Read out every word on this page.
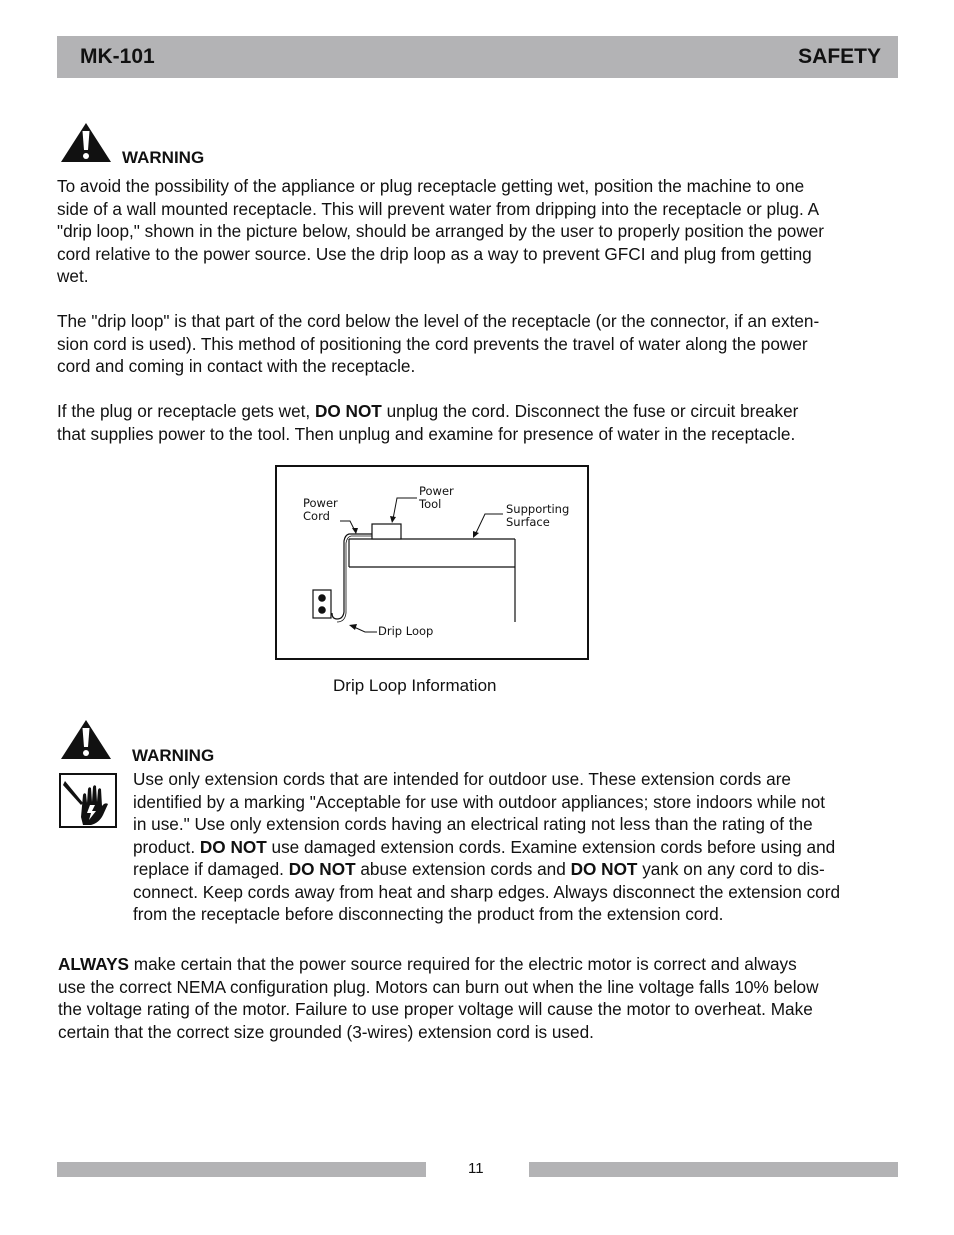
MK-101	SAFETY
WARNING

To avoid the possibility of the appliance or plug receptacle getting wet, position the machine to one
side of a wall mounted receptacle. This will prevent water from dripping into the receptacle or plug. A
"drip loop," shown in the picture below, should be arranged by the user to properly position the power
cord relative to the power source. Use the drip loop as a way to prevent GFCI and plug from getting
wet.

The "drip loop" is that part of the cord below the level of the receptacle (or the connector, if an exten-
sion cord is used). This method of positioning the cord prevents the travel of water along the power
cord and coming in contact with the receptacle.

If the plug or receptacle gets wet, DO NOT unplug the cord. Disconnect the fuse or circuit breaker
that supplies power to the tool. Then unplug and examine for presence of water in the receptacle.

Power
Cord
Power
Tool	Supporting
Surface
Drip Loop
Drip Loop Information
WARNING

Use only extension cords that are intended for outdoor use. These extension cords are
identified by a marking "Acceptable for use with outdoor appliances; store indoors while not
in use." Use only extension cords having an electrical rating not less than the rating of the
product. DO NOT use damaged extension cords. Examine extension cords before using and
replace if damaged. DO NOT abuse extension cords and DO NOT yank on any cord to dis-
connect. Keep cords away from heat and sharp edges. Always disconnect the extension cord
from the receptacle before disconnecting the product from the extension cord.

ALWAYS make certain that the power source required for the electric motor is correct and always
use the correct NEMA configuration plug. Motors can burn out when the line voltage falls 10% below
the voltage rating of the motor. Failure to use proper voltage will cause the motor to overheat. Make
certain that the correct size grounded (3-wires) extension cord is used.

11
